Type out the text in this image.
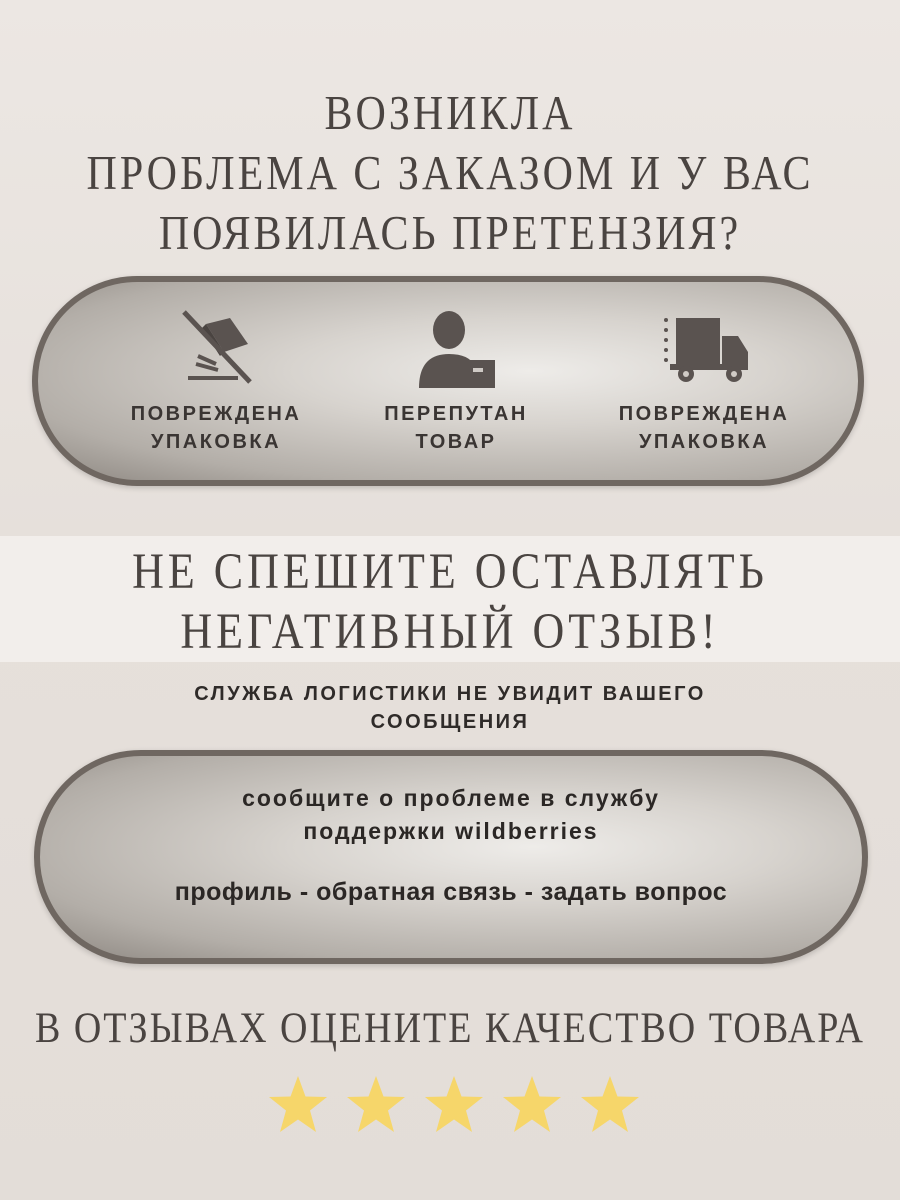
ВОЗНИКЛА
ПРОБЛЕМА С ЗАКАЗОМ И У ВАС
ПОЯВИЛАСЬ ПРЕТЕНЗИЯ?
ПОВРЕЖДЕНА
УПАКОВКА
ПЕРЕПУТАН
ТОВАР
ПОВРЕЖДЕНА
УПАКОВКА
НЕ СПЕШИТЕ ОСТАВЛЯТЬ
НЕГАТИВНЫЙ ОТЗЫВ!
СЛУЖБА ЛОГИСТИКИ НЕ УВИДИТ ВАШЕГО
СООБЩЕНИЯ
сообщите о проблеме в службу
поддержки wildberries
профиль - обратная связь - задать вопрос
В ОТЗЫВАХ ОЦЕНИТЕ КАЧЕСТВО ТОВАРА
